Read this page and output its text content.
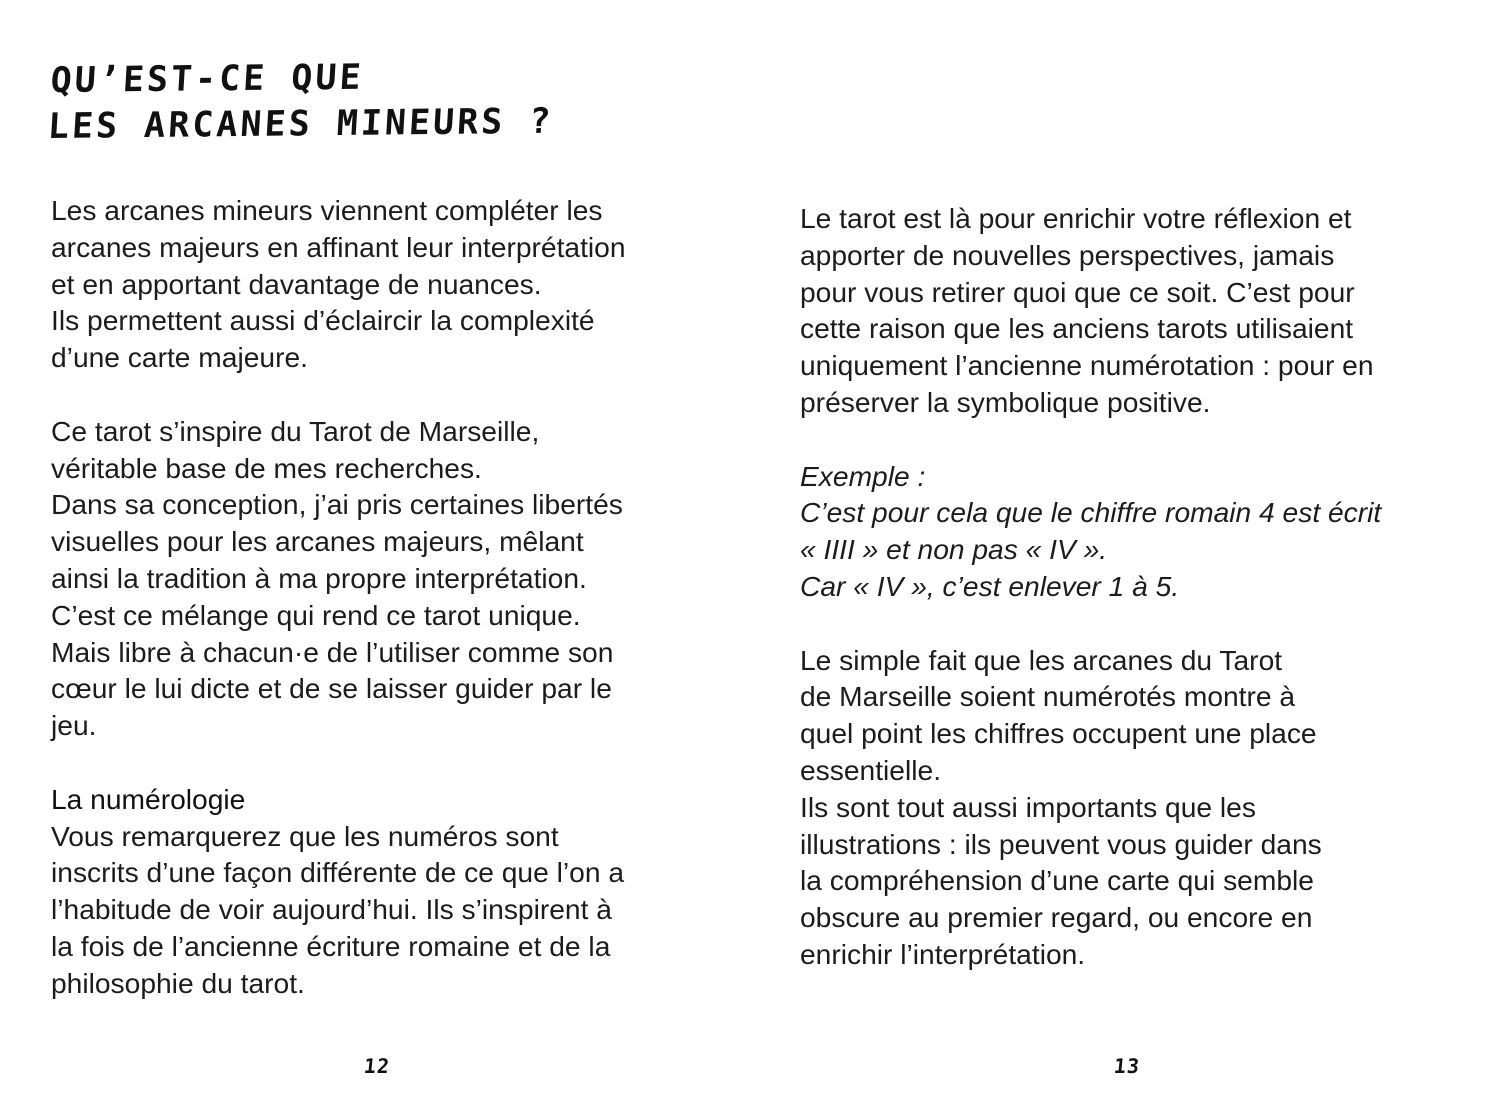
QU’EST-CE QUE
LES ARCANES MINEURS ?

Les arcanes mineurs viennent compléter les
arcanes majeurs en affinant leur interprétation
et en apportant davantage de nuances.
Ils permettent aussi d’éclaircir la complexité
d’une carte majeure.

Ce tarot s’inspire du Tarot de Marseille,
véritable base de mes recherches.
Dans sa conception, j’ai pris certaines libertés
visuelles pour les arcanes majeurs, mêlant
ainsi la tradition à ma propre interprétation.
C’est ce mélange qui rend ce tarot unique.
Mais libre à chacun·e de l’utiliser comme son
cœur le lui dicte et de se laisser guider par le
jeu.

La numérologie

Vous remarquerez que les numéros sont
inscrits d’une façon différente de ce que l’on a
l’habitude de voir aujourd’hui. Ils s’inspirent à
la fois de l’ancienne écriture romaine et de la
philosophie du tarot.

Le tarot est là pour enrichir votre réflexion et
apporter de nouvelles perspectives, jamais
pour vous retirer quoi que ce soit. C’est pour
cette raison que les anciens tarots utilisaient
uniquement l’ancienne numérotation : pour en
préserver la symbolique positive.

Exemple :
C’est pour cela que le chiffre romain 4 est écrit
« IIII » et non pas « IV ».
Car « IV », c’est enlever 1 à 5.

Le simple fait que les arcanes du Tarot
de Marseille soient numérotés montre à
quel point les chiffres occupent une place
essentielle.
Ils sont tout aussi importants que les
illustrations : ils peuvent vous guider dans
la compréhension d’une carte qui semble
obscure au premier regard, ou encore en
enrichir l’interprétation.

12	13
